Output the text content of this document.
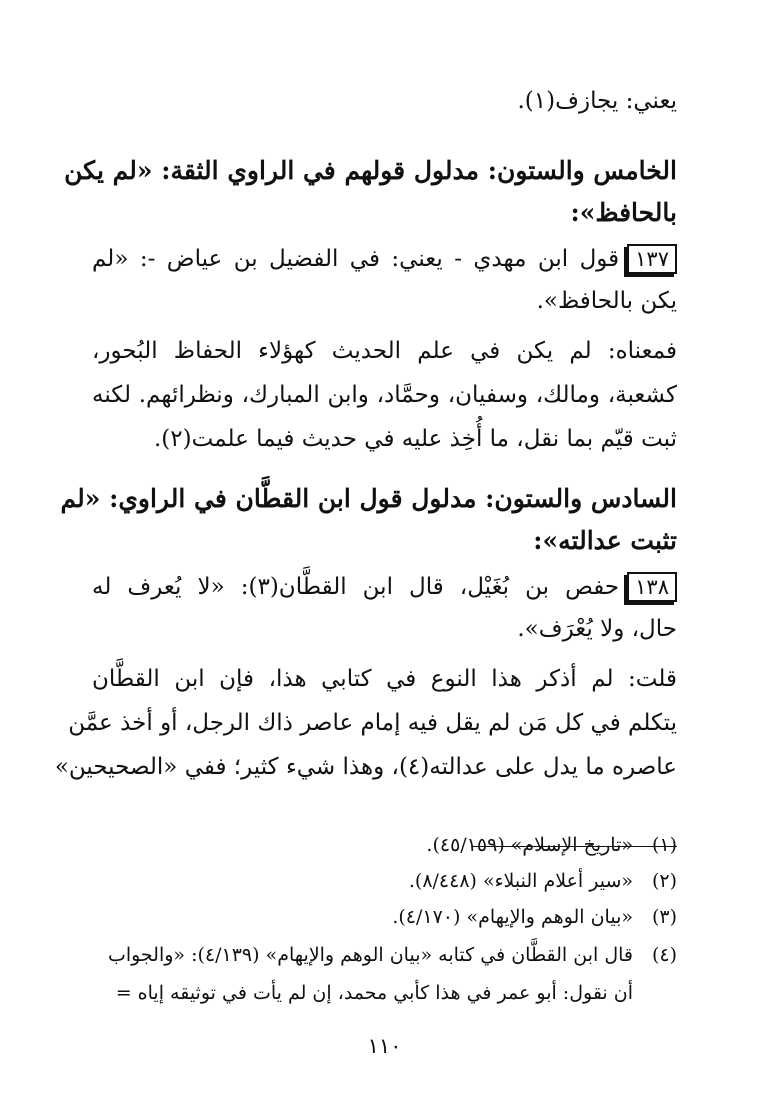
يعني: يجازف(١).
الخامس والستون: مدلول قولهم في الراوي الثقة: «لم يكن
بالحافظ»:
١٣٧قول ابن مهدي - يعني: في الفضيل بن عياض -: «لم
يكن بالحافظ».
فمعناه: لم يكن في علم الحديث كهؤلاء الحفاظ البُحور،
كشعبة، ومالك، وسفيان، وحمَّاد، وابن المبارك، ونظرائهم. لكنه
ثبت قيّم بما نقل، ما أُخِذ عليه في حديث فيما علمت(٢).
السادس والستون: مدلول قول ابن القطَّان في الراوي: «لم
تثبت عدالته»:
١٣٨حفص بن بُغَيْل، قال ابن القطَّان(٣): «لا يُعرف له
حال، ولا يُعْرَف».
قلت: لم أذكر هذا النوع في كتابي هذا، فإن ابن القطَّان
يتكلم في كل مَن لم يقل فيه إمام عاصر ذاك الرجل، أو أخذ عمَّن
عاصره ما يدل على عدالته(٤)، وهذا شيء كثير؛ ففي «الصحيحين»
(١)«تاريخ الإسلام» (٤٥/١٥٩).
(٢)«سير أعلام النبلاء» (٨/٤٤٨).
(٣)«بيان الوهم والإيهام» (٤/١٧٠).
(٤)قال ابن القطَّان في كتابه «بيان الوهم والإيهام» (٤/١٣٩): «والجواب
أن نقول: أبو عمر في هذا كأبي محمد، إن لم يأت في توثيقه إياه =
١١٠
